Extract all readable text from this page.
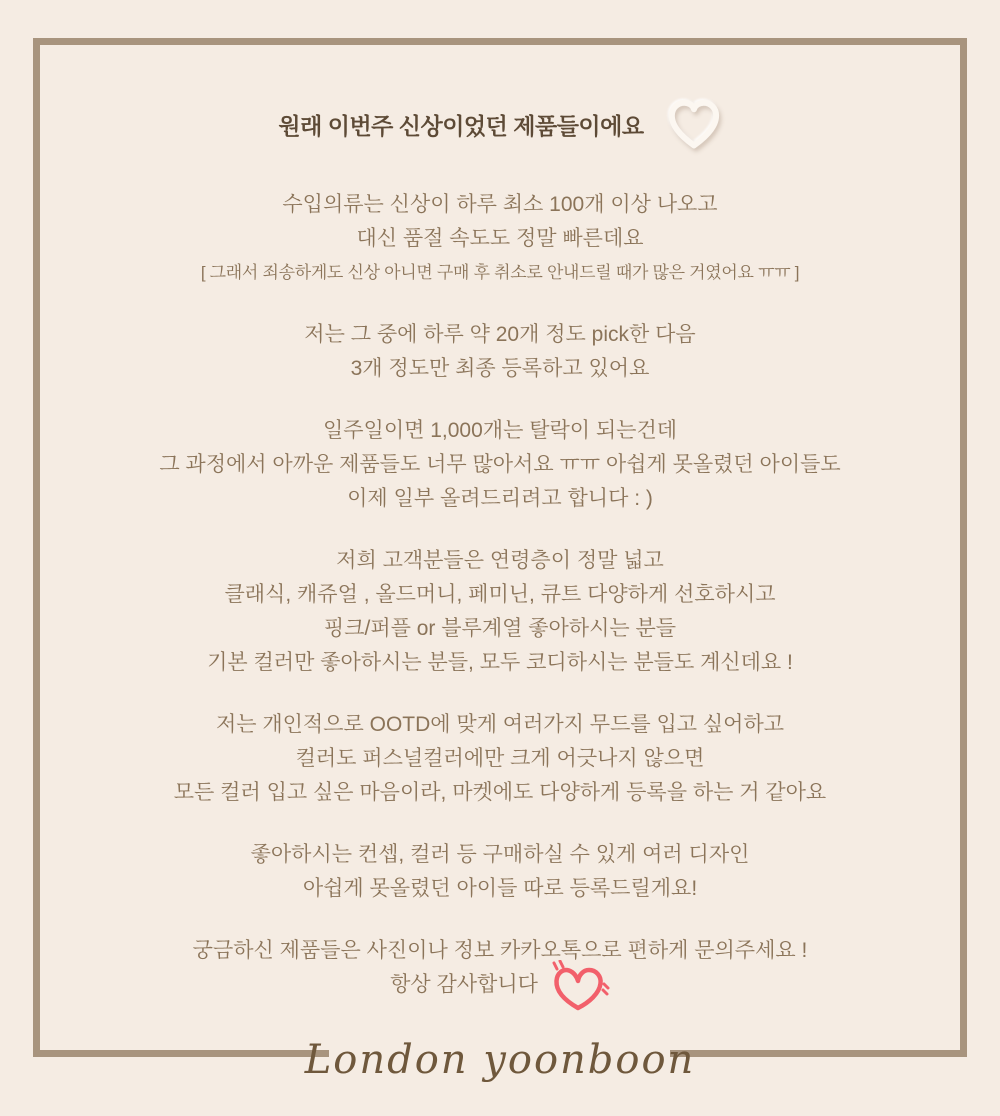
원래 이번주 신상이었던 제품들이에요

수입의류는 신상이 하루 최소 100개 이상 나오고
대신 품절 속도도 정말 빠른데요
[ 그래서 죄송하게도 신상 아니면 구매 후 취소로 안내드릴 때가 많은 거였어요 ㅠㅠ ]

저는 그 중에 하루 약 20개 정도 pick한 다음
3개 정도만 최종 등록하고 있어요

일주일이면 1,000개는 탈락이 되는건데
그 과정에서 아까운 제품들도 너무 많아서요 ㅠㅠ 아쉽게 못올렸던 아이들도
이제 일부 올려드리려고 합니다 : )

저희 고객분들은 연령층이 정말 넓고
클래식, 캐쥬얼 , 올드머니, 페미닌, 큐트 다양하게 선호하시고
핑크/퍼플 or 블루계열 좋아하시는 분들
기본 컬러만 좋아하시는 분들, 모두 코디하시는 분들도 계신데요 !

저는 개인적으로 OOTD에 맞게 여러가지 무드를 입고 싶어하고
컬러도 퍼스널컬러에만 크게 어긋나지 않으면
모든 컬러 입고 싶은 마음이라, 마켓에도 다양하게 등록을 하는 거 같아요

좋아하시는 컨셉, 컬러 등 구매하실 수 있게 여러 디자인
아쉽게 못올렸던 아이들 따로 등록드릴게요!

궁금하신 제품들은 사진이나 정보 카카오톡으로 편하게 문의주세요 !
항상 감사합니다

London yoonboon
